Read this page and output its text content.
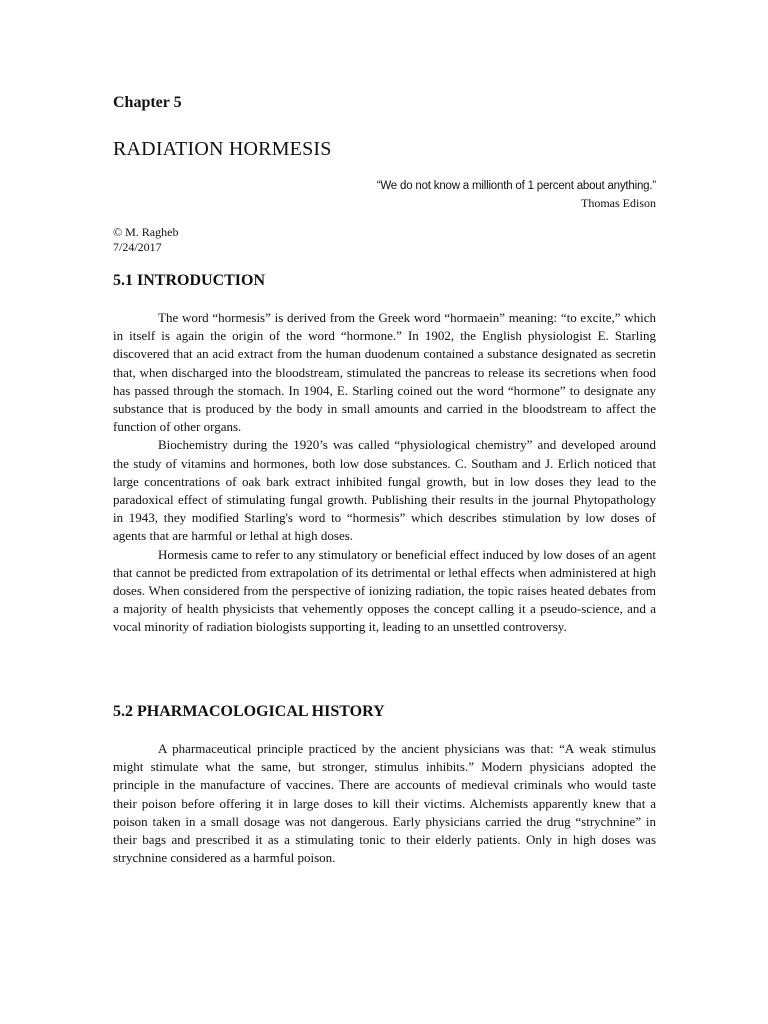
Chapter 5
RADIATION HORMESIS
“We do not know a millionth of 1 percent about anything.”
Thomas Edison
© M. Ragheb
7/24/2017
5.1 INTRODUCTION

The word “hormesis” is derived from the Greek word “hormaein” meaning: “to excite,” which in itself is again the origin of the word “hormone.” In 1902, the English physiologist E. Starling discovered that an acid extract from the human duodenum contained a substance designated as secretin that, when discharged into the bloodstream, stimulated the pancreas to release its secretions when food has passed through the stomach. In 1904, E. Starling coined out the word “hormone” to designate any substance that is produced by the body in small amounts and carried in the bloodstream to affect the function of other organs.

Biochemistry during the 1920’s was called “physiological chemistry” and developed around the study of vitamins and hormones, both low dose substances. C. Southam and J. Erlich noticed that large concentrations of oak bark extract inhibited fungal growth, but in low doses they lead to the paradoxical effect of stimulating fungal growth. Publishing their results in the journal Phytopathology in 1943, they modified Starling's word to “hormesis” which describes stimulation by low doses of agents that are harmful or lethal at high doses.

Hormesis came to refer to any stimulatory or beneficial effect induced by low doses of an agent that cannot be predicted from extrapolation of its detrimental or lethal effects when administered at high doses. When considered from the perspective of ionizing radiation, the topic raises heated debates from a majority of health physicists that vehemently opposes the concept calling it a pseudo-science, and a vocal minority of radiation biologists supporting it, leading to an unsettled controversy.

5.2 PHARMACOLOGICAL HISTORY

A pharmaceutical principle practiced by the ancient physicians was that: “A weak stimulus might stimulate what the same, but stronger, stimulus inhibits.” Modern physicians adopted the principle in the manufacture of vaccines. There are accounts of medieval criminals who would taste their poison before offering it in large doses to kill their victims. Alchemists apparently knew that a poison taken in a small dosage was not dangerous. Early physicians carried the drug “strychnine” in their bags and prescribed it as a stimulating tonic to their elderly patients. Only in high doses was strychnine considered as a harmful poison.
